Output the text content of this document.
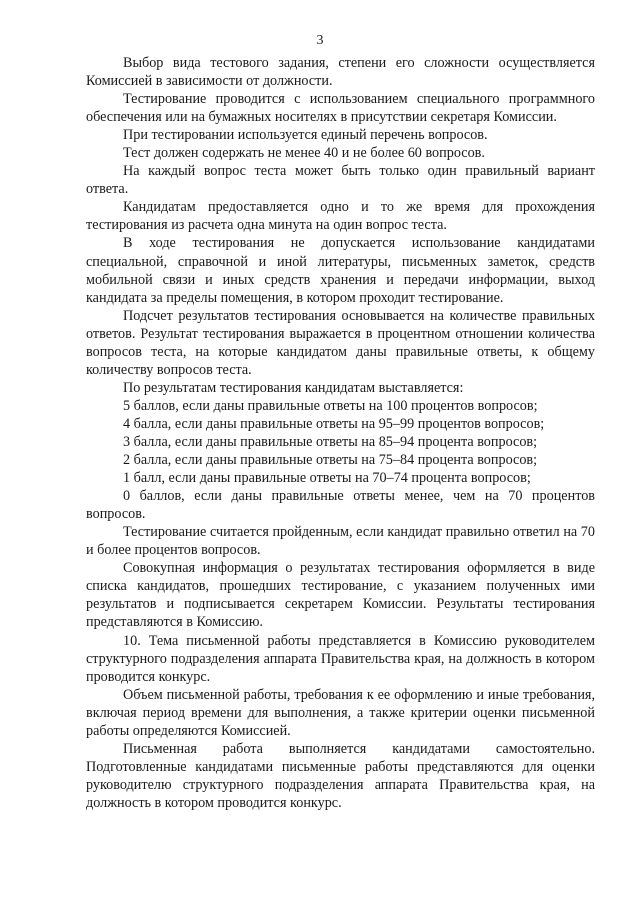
3

Выбор вида тестового задания, степени его сложности осуществляется Комиссией в зависимости от должности.

Тестирование проводится с использованием специального программного обеспечения или на бумажных носителях в присутствии секретаря Комиссии.

При тестировании используется единый перечень вопросов.

Тест должен содержать не менее 40 и не более 60 вопросов.

На каждый вопрос теста может быть только один правильный вариант ответа.

Кандидатам предоставляется одно и то же время для прохождения тестирования из расчета одна минута на один вопрос теста.

В ходе тестирования не допускается использование кандидатами специальной, справочной и иной литературы, письменных заметок, средств мобильной связи и иных средств хранения и передачи информации, выход кандидата за пределы помещения, в котором проходит тестирование.

Подсчет результатов тестирования основывается на количестве правильных ответов. Результат тестирования выражается в процентном отношении количества вопросов теста, на которые кандидатом даны правильные ответы, к общему количеству вопросов теста.

По результатам тестирования кандидатам выставляется:

5 баллов, если даны правильные ответы на 100 процентов вопросов;

4 балла, если даны правильные ответы на 95–99 процентов вопросов;

3 балла, если даны правильные ответы на 85–94 процента вопросов;

2 балла, если даны правильные ответы на 75–84 процента вопросов;

1 балл, если даны правильные ответы на 70–74 процента вопросов;

0 баллов, если даны правильные ответы менее, чем на 70 процентов вопросов.

Тестирование считается пройденным, если кандидат правильно ответил на 70 и более процентов вопросов.

Совокупная информация о результатах тестирования оформляется в виде списка кандидатов, прошедших тестирование, с указанием полученных ими результатов и подписывается секретарем Комиссии. Результаты тестирования представляются в Комиссию.

10. Тема письменной работы представляется в Комиссию руководителем структурного подразделения аппарата Правительства края, на должность в котором проводится конкурс.

Объем письменной работы, требования к ее оформлению и иные требования, включая период времени для выполнения, а также критерии оценки письменной работы определяются Комиссией.

Письменная работа выполняется кандидатами самостоятельно. Подготовленные кандидатами письменные работы представляются для оценки руководителю структурного подразделения аппарата Правительства края, на должность в котором проводится конкурс.
